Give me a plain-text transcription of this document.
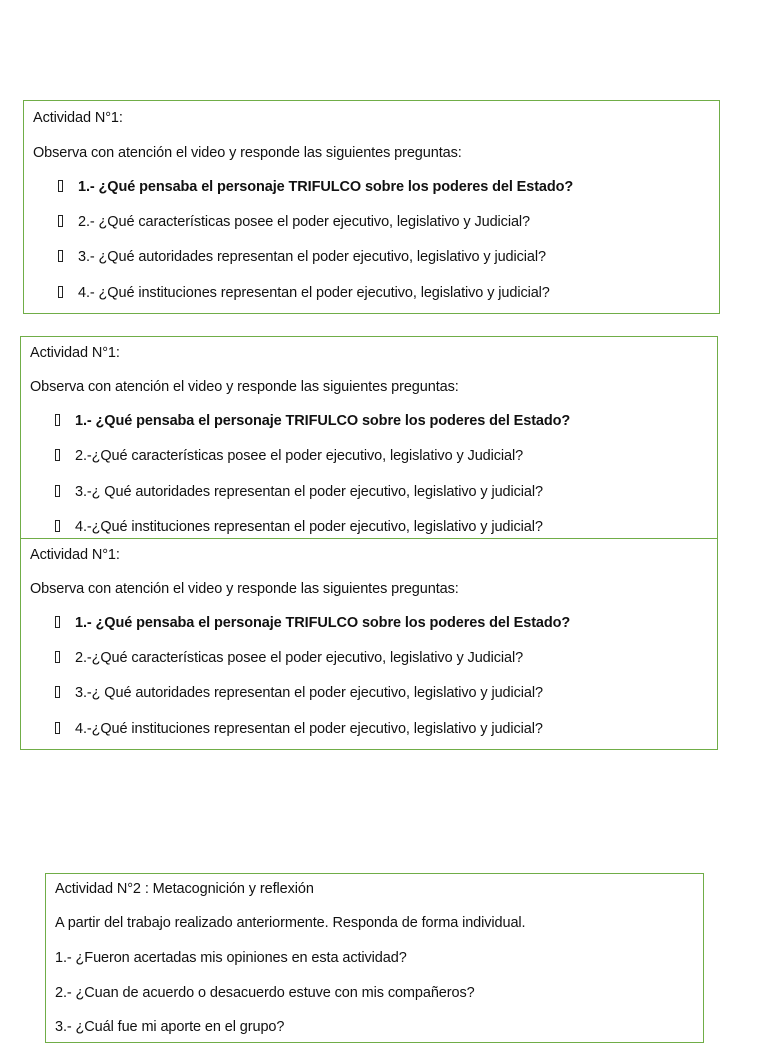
Actividad N°1:
Observa con atención el video y responde las siguientes preguntas:
1.- ¿Qué pensaba el personaje TRIFULCO sobre los poderes del Estado?
2.- ¿Qué características posee el poder ejecutivo, legislativo y Judicial?
3.- ¿Qué autoridades representan el poder ejecutivo, legislativo y judicial?
4.- ¿Qué instituciones representan el poder ejecutivo, legislativo y judicial?
Actividad N°1:
Observa con atención el video y responde las siguientes preguntas:
1.- ¿Qué pensaba el personaje TRIFULCO sobre los poderes del Estado?
2.-¿Qué características posee el poder ejecutivo, legislativo y Judicial?
3.-¿ Qué autoridades representan el poder ejecutivo, legislativo y judicial?
4.-¿Qué instituciones representan el poder ejecutivo, legislativo y judicial?
Actividad N°1:
Observa con atención el video y responde las siguientes preguntas:
1.- ¿Qué pensaba el personaje TRIFULCO sobre los poderes del Estado?
2.-¿Qué características posee el poder ejecutivo, legislativo y Judicial?
3.-¿ Qué autoridades representan el poder ejecutivo, legislativo y judicial?
4.-¿Qué instituciones representan el poder ejecutivo, legislativo y judicial?
Actividad N°2 : Metacognición y reflexión
A partir del trabajo realizado anteriormente. Responda de forma individual.
1.- ¿Fueron acertadas mis opiniones en esta actividad?
2.- ¿Cuan de acuerdo o desacuerdo estuve con mis compañeros?
3.- ¿Cuál fue mi aporte en el grupo?
